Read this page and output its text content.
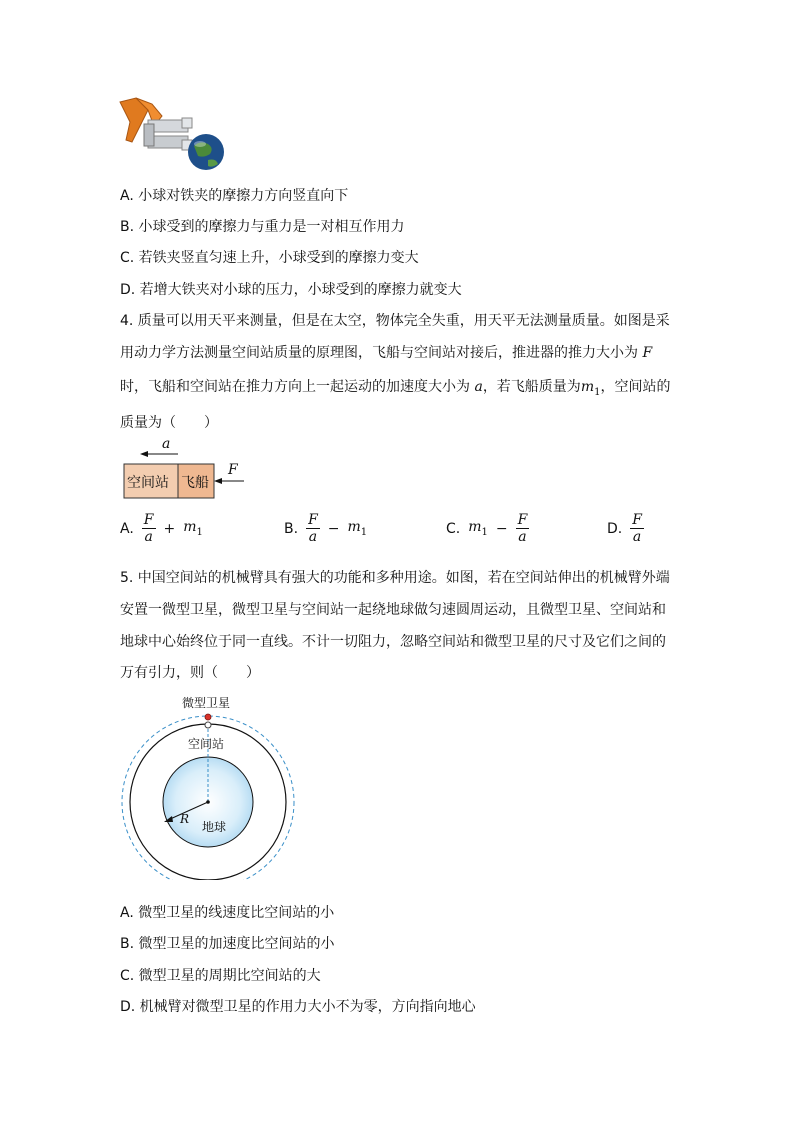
A. 小球对铁夹的摩擦力方向竖直向下
B. 小球受到的摩擦力与重力是一对相互作用力
C. 若铁夹竖直匀速上升，小球受到的摩擦力变大
D. 若增大铁夹对小球的压力，小球受到的摩擦力就变大
4. 质量可以用天平来测量，但是在太空，物体完全失重，用天平无法测量质量。如图是采
用动力学方法测量空间站质量的原理图，飞船与空间站对接后，推进器的推力大小为 F
时，飞船和空间站在推力方向上一起运动的加速度大小为 a，若飞船质量为$m_1$，空间站的
质量为（　　）
a
空间站 飞船
F
A. $\frac{F}{a} + m_1$	B. $\frac{F}{a} - m_1$	C. $m_1 - \frac{F}{a}$	D. $\frac{F}{a}$
5. 中国空间站的机械臂具有强大的功能和多种用途。如图，若在空间站伸出的机械臂外端
安置一微型卫星，微型卫星与空间站一起绕地球做匀速圆周运动，且微型卫星、空间站和
地球中心始终位于同一直线。不计一切阻力，忽略空间站和微型卫星的尺寸及它们之间的
万有引力，则（　　）
微型卫星
空间站
R
地球
A. 微型卫星的线速度比空间站的小
B. 微型卫星的加速度比空间站的小
C. 微型卫星的周期比空间站的大
D. 机械臂对微型卫星的作用力大小不为零，方向指向地心
